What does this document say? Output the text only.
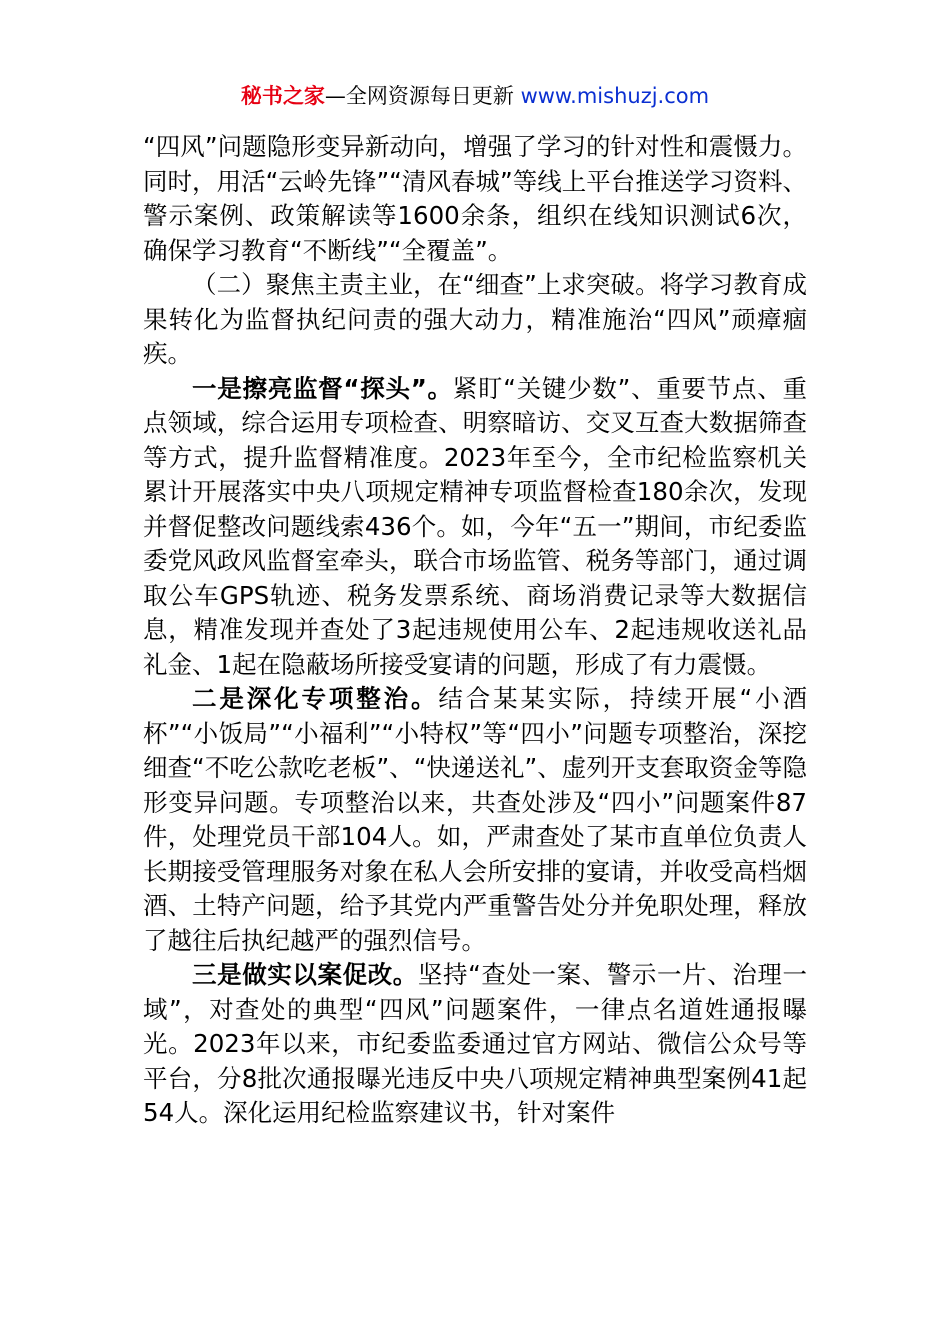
秘书之家—全网资源每日更新 www.mishuzj.com

“四风”问题隐形变异新动向，增强了学习的针对性和震慑力。同时，用活“云岭先锋”“清风春城”等线上平台推送学习资料、警示案例、政策解读等1600余条，组织在线知识测试6次，确保学习教育“不断线”“全覆盖”。

（二）聚焦主责主业，在“细查”上求突破。将学习教育成果转化为监督执纪问责的强大动力，精准施治“四风”顽瘴痼疾。

一是擦亮监督“探头”。紧盯“关键少数”、重要节点、重点领域，综合运用专项检查、明察暗访、交叉互查大数据筛查等方式，提升监督精准度。2023年至今，全市纪检监察机关累计开展落实中央八项规定精神专项监督检查180余次，发现并督促整改问题线索436个。如，今年“五一”期间，市纪委监委党风政风监督室牵头，联合市场监管、税务等部门，通过调取公车GPS轨迹、税务发票系统、商场消费记录等大数据信息，精准发现并查处了3起违规使用公车、2起违规收送礼品礼金、1起在隐蔽场所接受宴请的问题，形成了有力震慑。

二是深化专项整治。结合某某实际，持续开展“小酒杯”“小饭局”“小福利”“小特权”等“四小”问题专项整治，深挖细查“不吃公款吃老板”、“快递送礼”、虚列开支套取资金等隐形变异问题。专项整治以来，共查处涉及“四小”问题案件87件，处理党员干部104人。如，严肃查处了某市直单位负责人长期接受管理服务对象在私人会所安排的宴请，并收受高档烟酒、土特产问题，给予其党内严重警告处分并免职处理，释放了越往后执纪越严的强烈信号。

三是做实以案促改。坚持“查处一案、警示一片、治理一域”，对查处的典型“四风”问题案件，一律点名道姓通报曝光。2023年以来，市纪委监委通过官方网站、微信公众号等平台，分8批次通报曝光违反中央八项规定精神典型案例41起54人。深化运用纪检监察建议书，针对案件
